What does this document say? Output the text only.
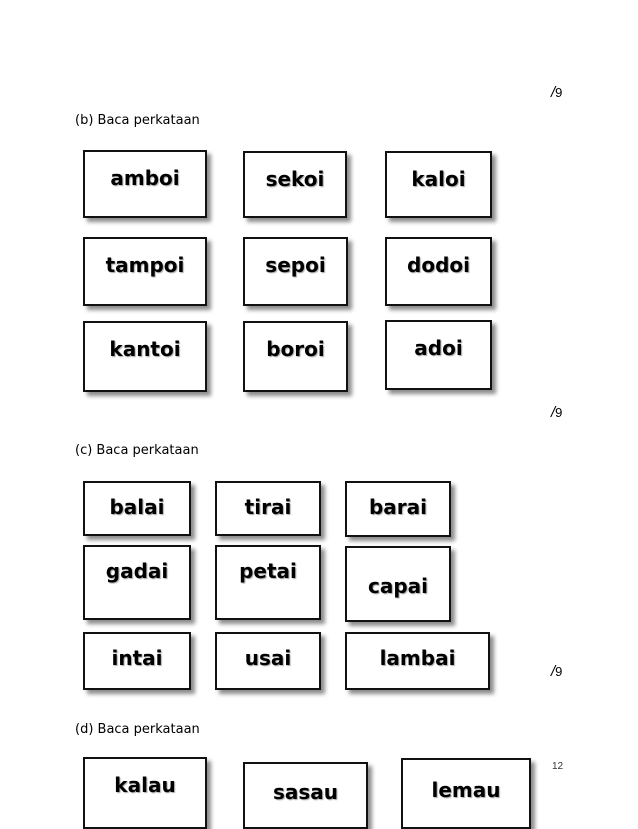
/9
/9
/9
(b) Baca perkataan
amboi	sekoi	kaloi
tampoi	sepoi	dodoi
kantoi	boroi	adoi
(c) Baca perkataan
balai	tirai	barai
gadai	petai
capai
intai	usai	lambai
(d) Baca perkataan
kalau	sasau	lemau
12
